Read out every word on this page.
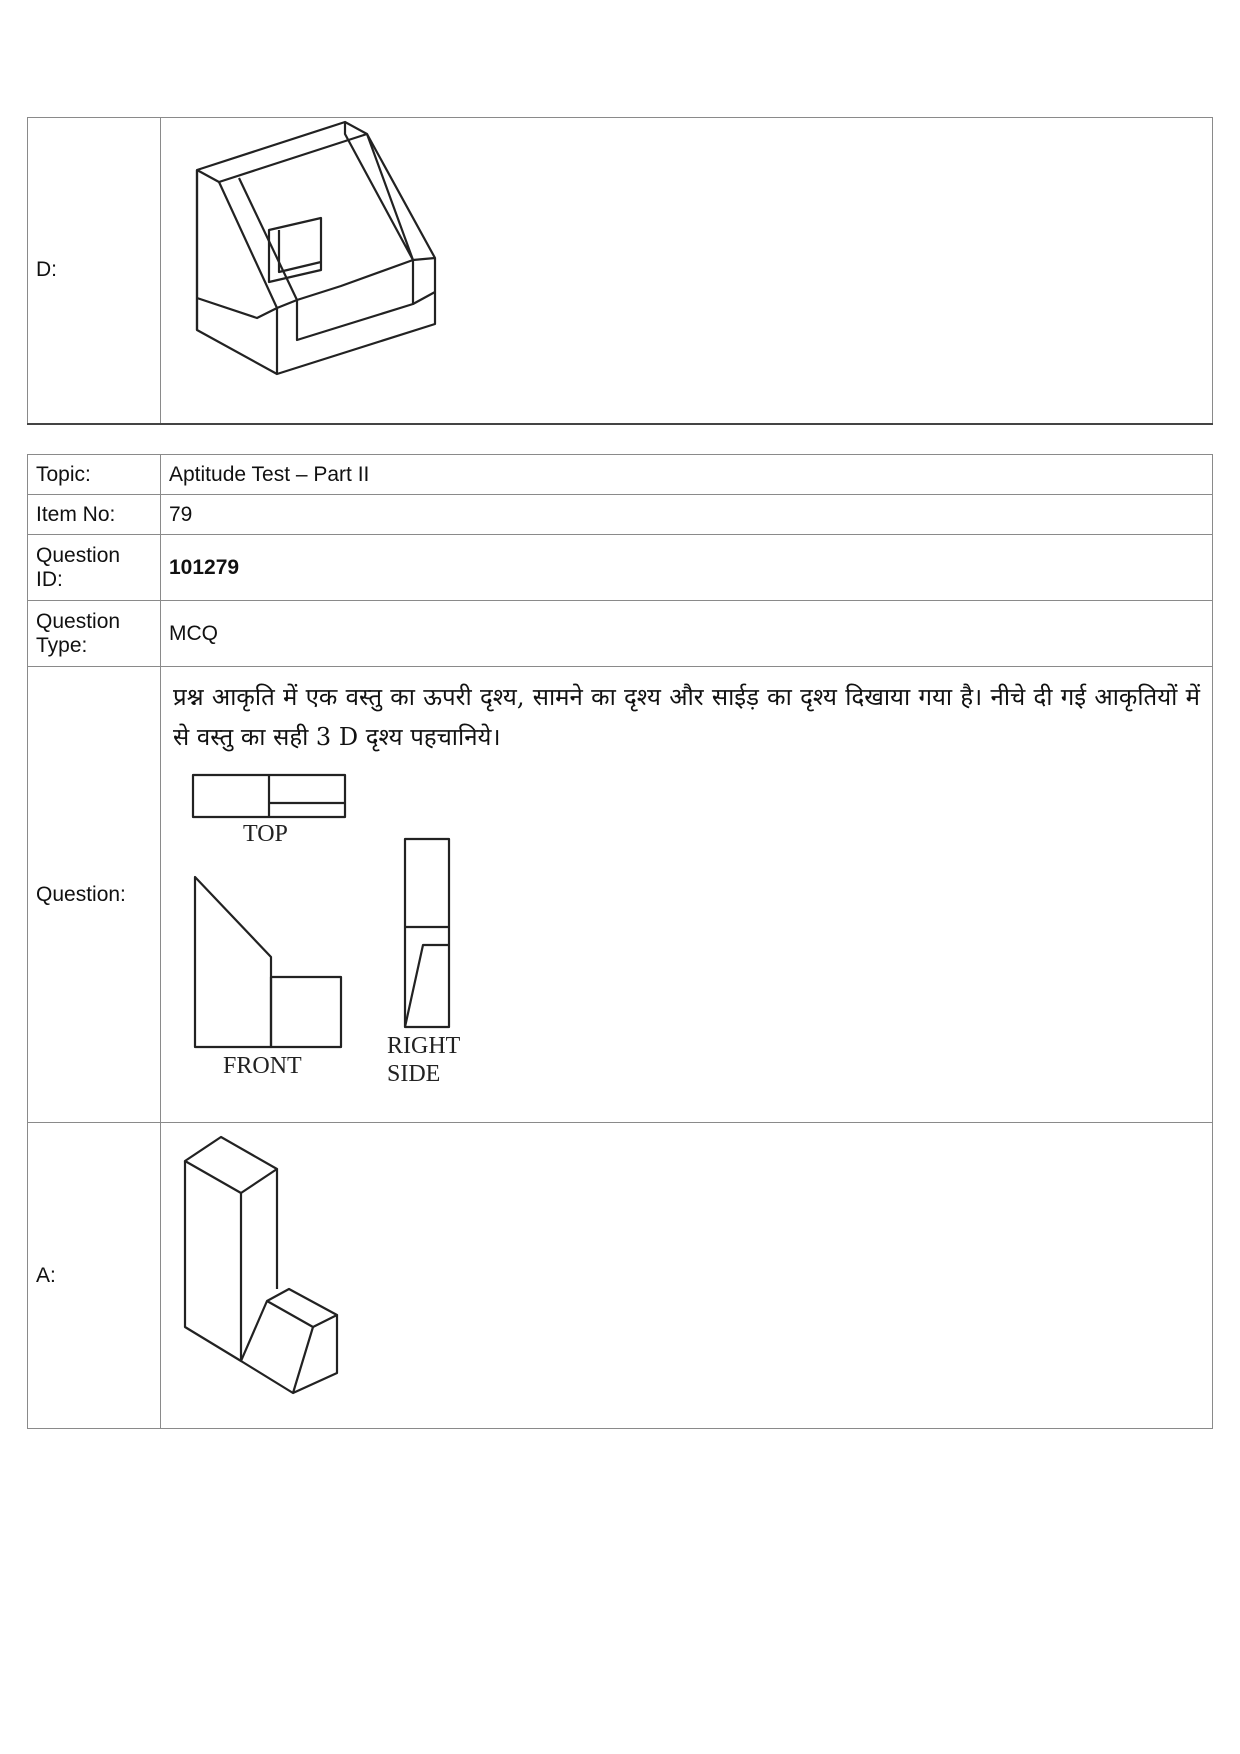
D:	
Topic:	Aptitude Test – Part II
Item No:	79
Question ID:	101279
Question Type:	MCQ
Question:	प्रश्न आकृति में एक वस्तु का ऊपरी दृश्य, सामने का दृश्य और साईड़ का दृश्य दिखाया गया है। नीचे दी गई आकृतियों में से वस्तु का सही 3 D दृश्य पहचानिये।
TOP
FRONT
RIGHT
SIDE

A:	
